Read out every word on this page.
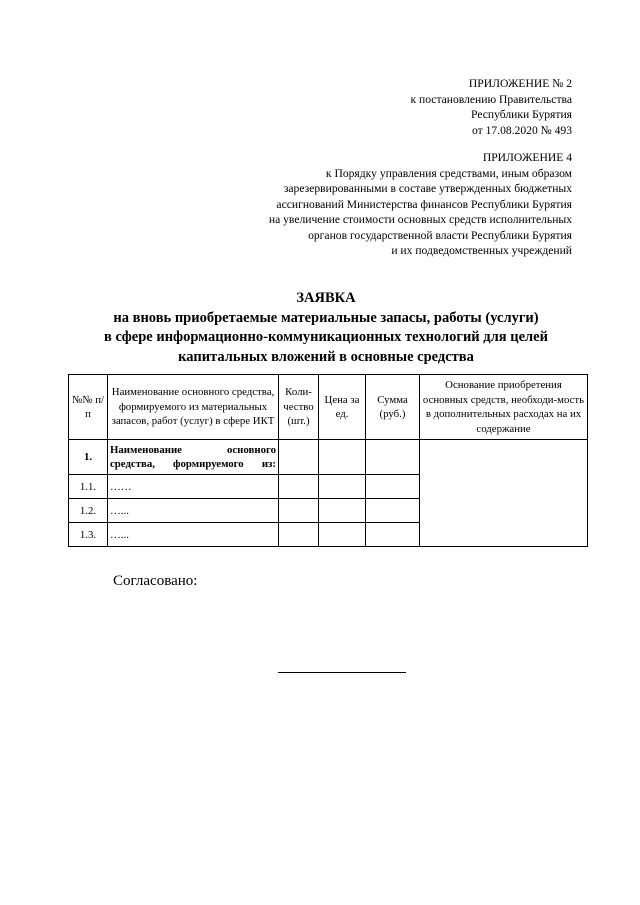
ПРИЛОЖЕНИЕ № 2
к постановлению Правительства
Республики Бурятия
от 17.08.2020 № 493
ПРИЛОЖЕНИЕ 4
к Порядку управления средствами, иным образом
зарезервированными в составе утвержденных бюджетных
ассигнований Министерства финансов Республики Бурятия
на увеличение стоимости основных средств исполнительных
органов государственной власти Республики Бурятия
и их подведомственных учреждений
ЗАЯВКА
на вновь приобретаемые материальные запасы, работы (услуги)
в сфере информационно-коммуникационных технологий для целей
капитальных вложений в основные средства
№№ п/п	Наименование основного средства, формируемого из материальных запасов, работ (услуг) в сфере ИКТ	Коли-чество (шт.)	Цена за ед.	Сумма (руб.)	Основание приобретения основных средств, необходи-мость в дополнительных расходах на их содержание
1.	Наименование основного средства, формируемого из:				
1.1.	……				
1.2.	…...				
1.3.	…...				
Согласовано:
